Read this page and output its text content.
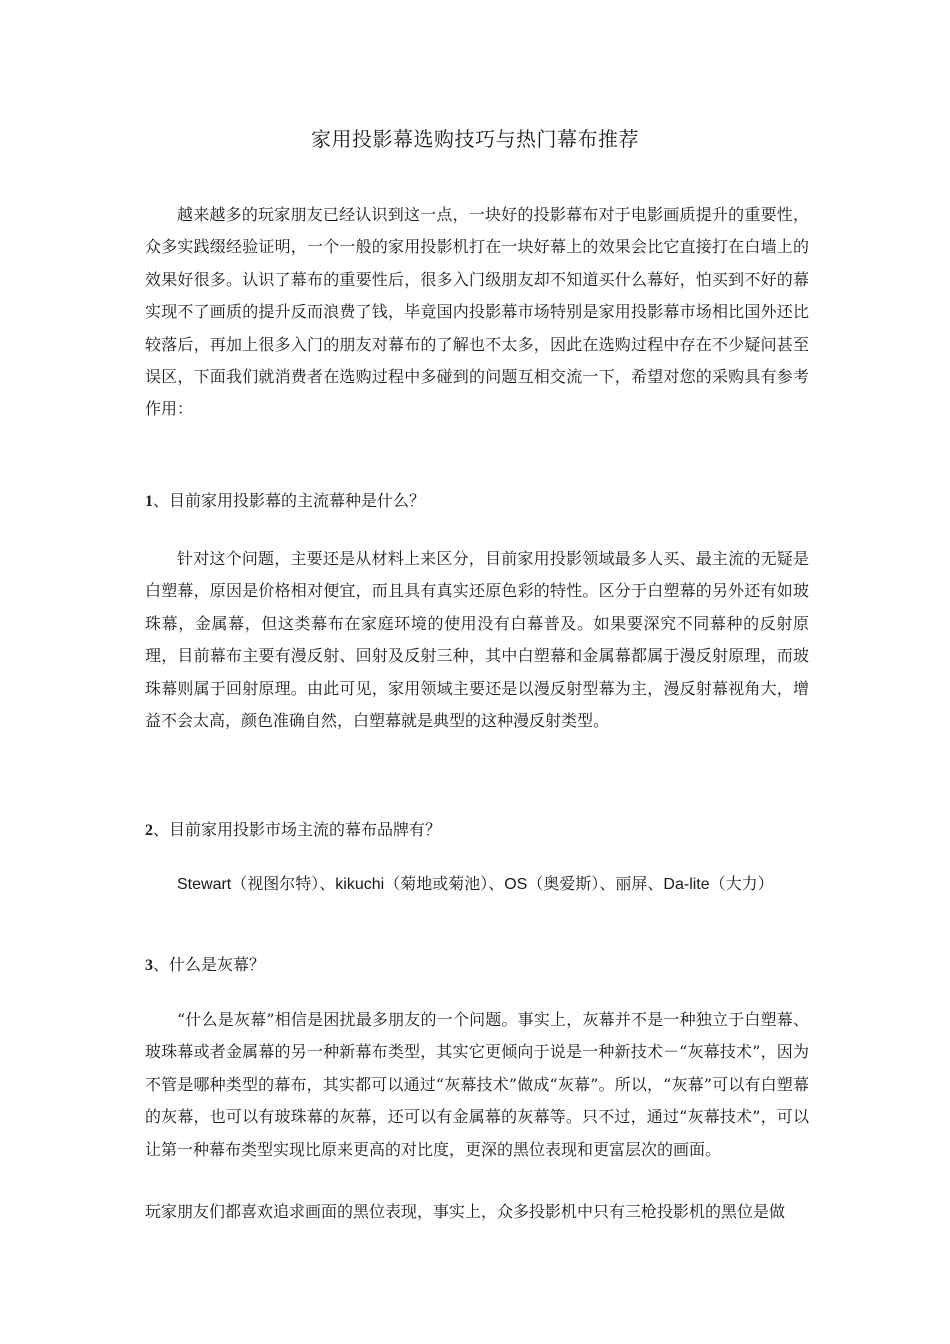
家用投影幕选购技巧与热门幕布推荐
越来越多的玩家朋友已经认识到这一点，一块好的投影幕布对于电影画质提升的重要性，众多实践缀经验证明，一个一般的家用投影机打在一块好幕上的效果会比它直接打在白墙上的效果好很多。认识了幕布的重要性后，很多入门级朋友却不知道买什么幕好，怕买到不好的幕实现不了画质的提升反而浪费了钱，毕竟国内投影幕市场特别是家用投影幕市场相比国外还比较落后，再加上很多入门的朋友对幕布的了解也不太多，因此在选购过程中存在不少疑问甚至误区，下面我们就消费者在选购过程中多碰到的问题互相交流一下，希望对您的采购具有参考作用：
1、目前家用投影幕的主流幕种是什么？
针对这个问题，主要还是从材料上来区分，目前家用投影领域最多人买、最主流的无疑是白塑幕，原因是价格相对便宜，而且具有真实还原色彩的特性。区分于白塑幕的另外还有如玻珠幕，金属幕，但这类幕布在家庭环境的使用没有白幕普及。如果要深究不同幕种的反射原理，目前幕布主要有漫反射、回射及反射三种，其中白塑幕和金属幕都属于漫反射原理，而玻珠幕则属于回射原理。由此可见，家用领域主要还是以漫反射型幕为主，漫反射幕视角大，增益不会太高，颜色准确自然，白塑幕就是典型的这种漫反射类型。
2、目前家用投影市场主流的幕布品牌有？
Stewart（视图尔特）、kikuchi（菊地或菊池）、OS（奥爱斯）、丽屏、Da-lite（大力）
3、什么是灰幕？
“什么是灰幕”相信是困扰最多朋友的一个问题。事实上，灰幕并不是一种独立于白塑幕、玻珠幕或者金属幕的另一种新幕布类型，其实它更倾向于说是一种新技术－“灰幕技术”，因为不管是哪种类型的幕布，其实都可以通过“灰幕技术”做成“灰幕”。所以，“灰幕”可以有白塑幕的灰幕，也可以有玻珠幕的灰幕，还可以有金属幕的灰幕等。只不过，通过“灰幕技术”，可以让第一种幕布类型实现比原来更高的对比度，更深的黑位表现和更富层次的画面。
玩家朋友们都喜欢追求画面的黑位表现，事实上，众多投影机中只有三枪投影机的黑位是做
